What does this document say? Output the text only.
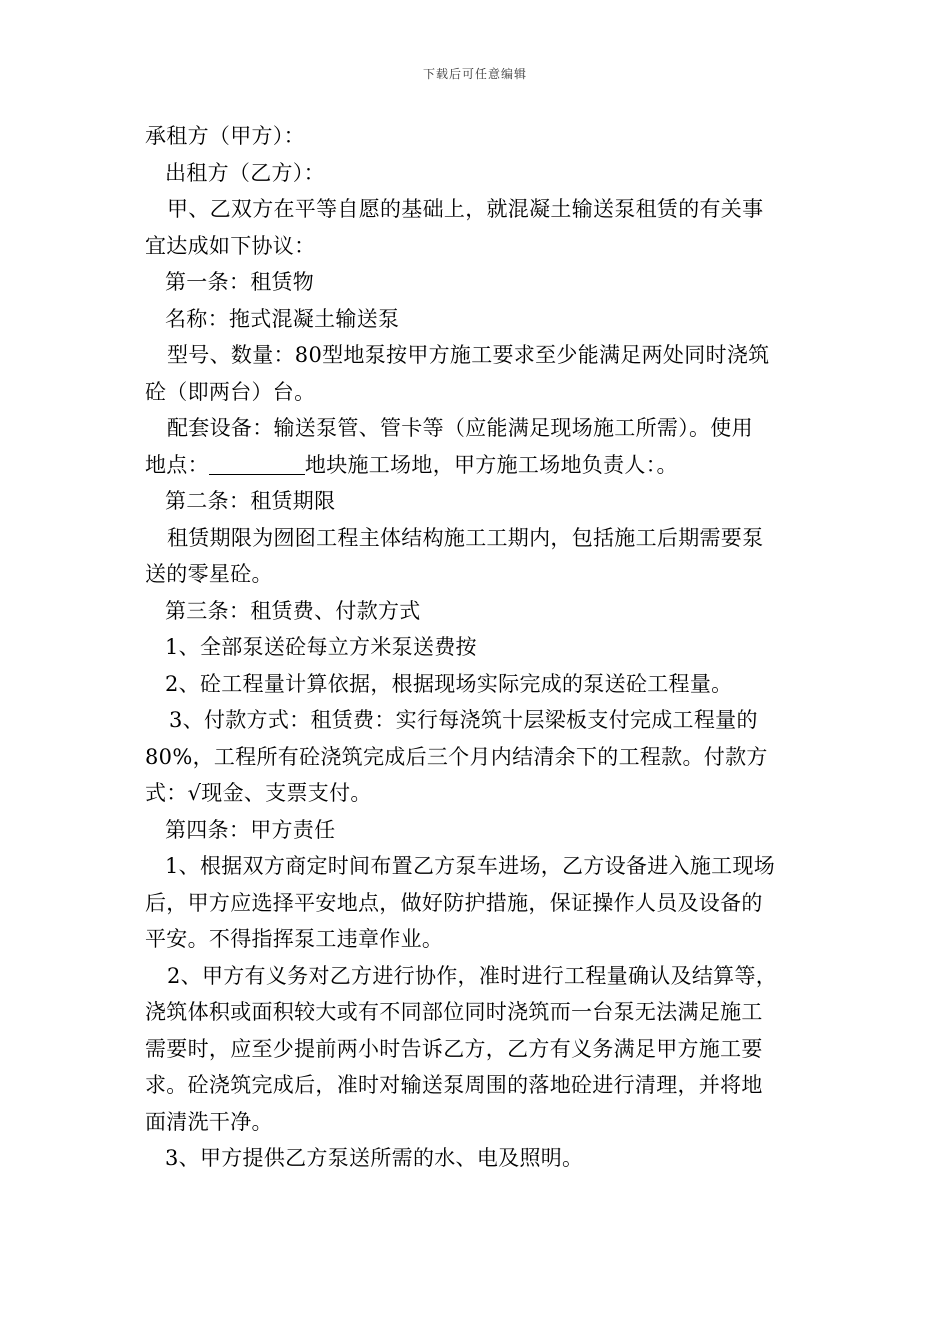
下载后可任意编辑
承租方（甲方）：
出租方（乙方）：
甲、乙双方在平等自愿的基础上，就混凝土输送泵租赁的有关事
宜达成如下协议：
第一条：租赁物
名称：拖式混凝土输送泵
型号、数量：80型地泵按甲方施工要求至少能满足两处同时浇筑
砼（即两台）台。
配套设备：输送泵管、管卡等（应能满足现场施工所需）。使用
地点：	地块施工场地，甲方施工场地负责人：。
第二条：租赁期限
租赁期限为囫囵工程主体结构施工工期内，包括施工后期需要泵
送的零星砼。
第三条：租赁费、付款方式
1、全部泵送砼每立方米泵送费按
2、砼工程量计算依据，根据现场实际完成的泵送砼工程量。
3、付款方式：租赁费：实行每浇筑十层梁板支付完成工程量的
80%，工程所有砼浇筑完成后三个月内结清余下的工程款。付款方
式：√现金、支票支付。
第四条：甲方责任
1、根据双方商定时间布置乙方泵车进场，乙方设备进入施工现场
后，甲方应选择平安地点，做好防护措施，保证操作人员及设备的
平安。不得指挥泵工违章作业。
2、甲方有义务对乙方进行协作，准时进行工程量确认及结算等，
浇筑体积或面积较大或有不同部位同时浇筑而一台泵无法满足施工
需要时，应至少提前两小时告诉乙方，乙方有义务满足甲方施工要
求。砼浇筑完成后，准时对输送泵周围的落地砼进行清理，并将地
面清洗干净。
3、甲方提供乙方泵送所需的水、电及照明。
